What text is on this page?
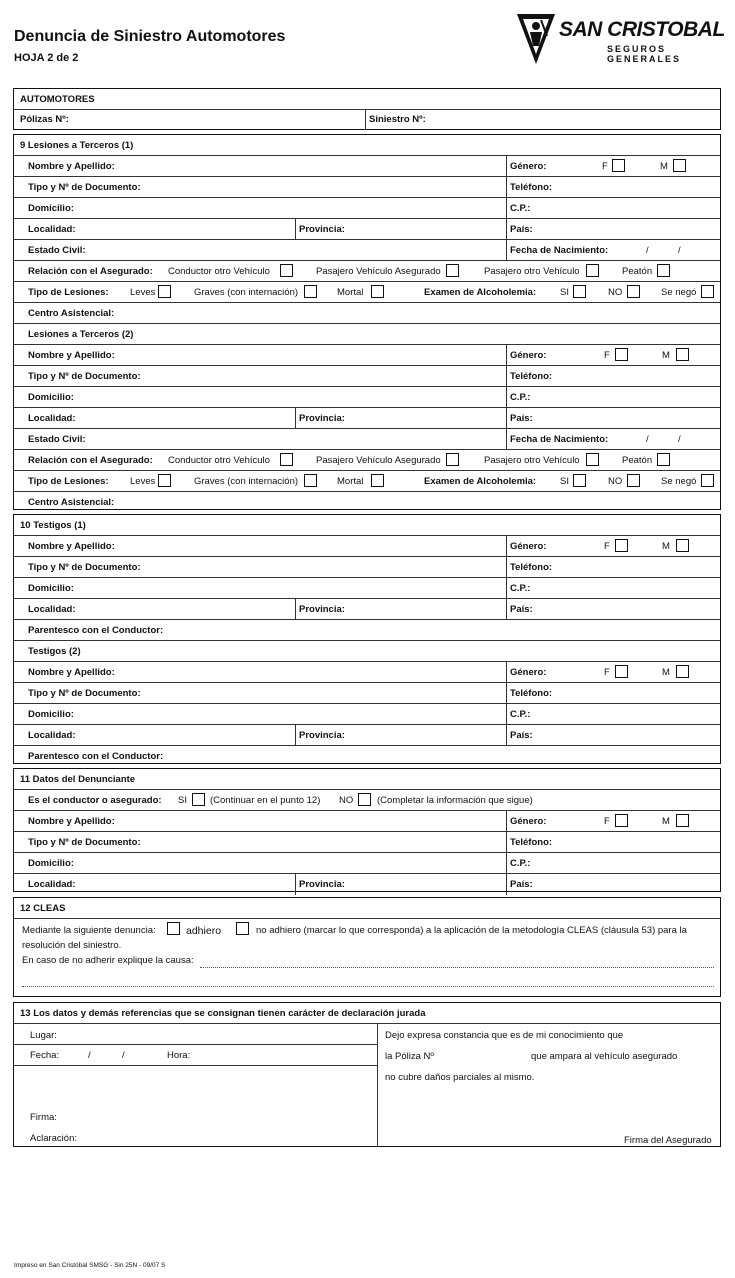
Denuncia de Siniestro Automotores
HOJA 2 de 2
SAN CRISTOBAL
SEGUROS GENERALES
AUTOMOTORES
Pólizas Nº:	Siniestro Nº:
9 Lesiones a Terceros (1)
Nombre y Apellido:	Género:	F	M
Tipo y Nº de Documento:	Teléfono:
Domicilio:	C.P.:
Localidad:	Provincia:	País:
Estado Civil:	Fecha de Nacimiento:	/	/
Relación con el Asegurado: Conductor otro Vehículo	Pasajero Vehículo Asegurado	Pasajero otro Vehículo	Peatón
Tipo de Lesiones: Leves	Graves (con internación)	Mortal	Examen de Alcoholemia:	SI	NO	Se negó
Centro Asistencial:
Lesiones a Terceros (2)
Nombre y Apellido:	Género:	F	M
Tipo y Nº de Documento:	Teléfono:
Domicilio:	C.P.:
Localidad:	Provincia:	País:
Estado Civil:	Fecha de Nacimiento:	/	/
Relación con el Asegurado: Conductor otro Vehículo	Pasajero Vehículo Asegurado	Pasajero otro Vehículo	Peatón
Tipo de Lesiones: Leves	Graves (con internación)	Mortal	Examen de Alcoholemia:	SI	NO	Se negó
Centro Asistencial:
10 Testigos (1)
Nombre y Apellido:	Género:	F	M
Tipo y Nº de Documento:	Teléfono:
Domicilio:	C.P.:
Localidad:	Provincia:	País:
Parentesco con el Conductor:
Testigos (2)
Nombre y Apellido:	Género:	F	M
Tipo y Nº de Documento:	Teléfono:
Domicilio:	C.P.:
Localidad:	Provincia:	País:
Parentesco con el Conductor:
11 Datos del Denunciante
Es el conductor o asegurado: SI (Continuar en el punto 12) NO	(Completar la información que sigue)
Nombre y Apellido:	Género:	F	M
Tipo y Nº de Documento:	Teléfono:
Domicilio:	C.P.:
Localidad:	Provincia:	País:
12 CLEAS
Mediante la siguiente denuncia:	adhiero	no adhiero (marcar lo que corresponda) a la aplicación de la metodología CLEAS (cláusula 53) para la
resolución del siniestro.
En caso de no adherir explique la causa:
13 Los datos y demás referencias que se consignan tienen carácter de declaración jurada
Lugar:
Fecha:	/	/	Hora:
Firma:
Aclaración:
Dejo expresa constancia que es de mi conocimiento que
la Póliza Nº	que ampara al vehículo asegurado
no cubre daños parciales al mismo.
Firma del Asegurado
Impreso en San Cristóbal SMSG - Sin 25N - 09/07 S
